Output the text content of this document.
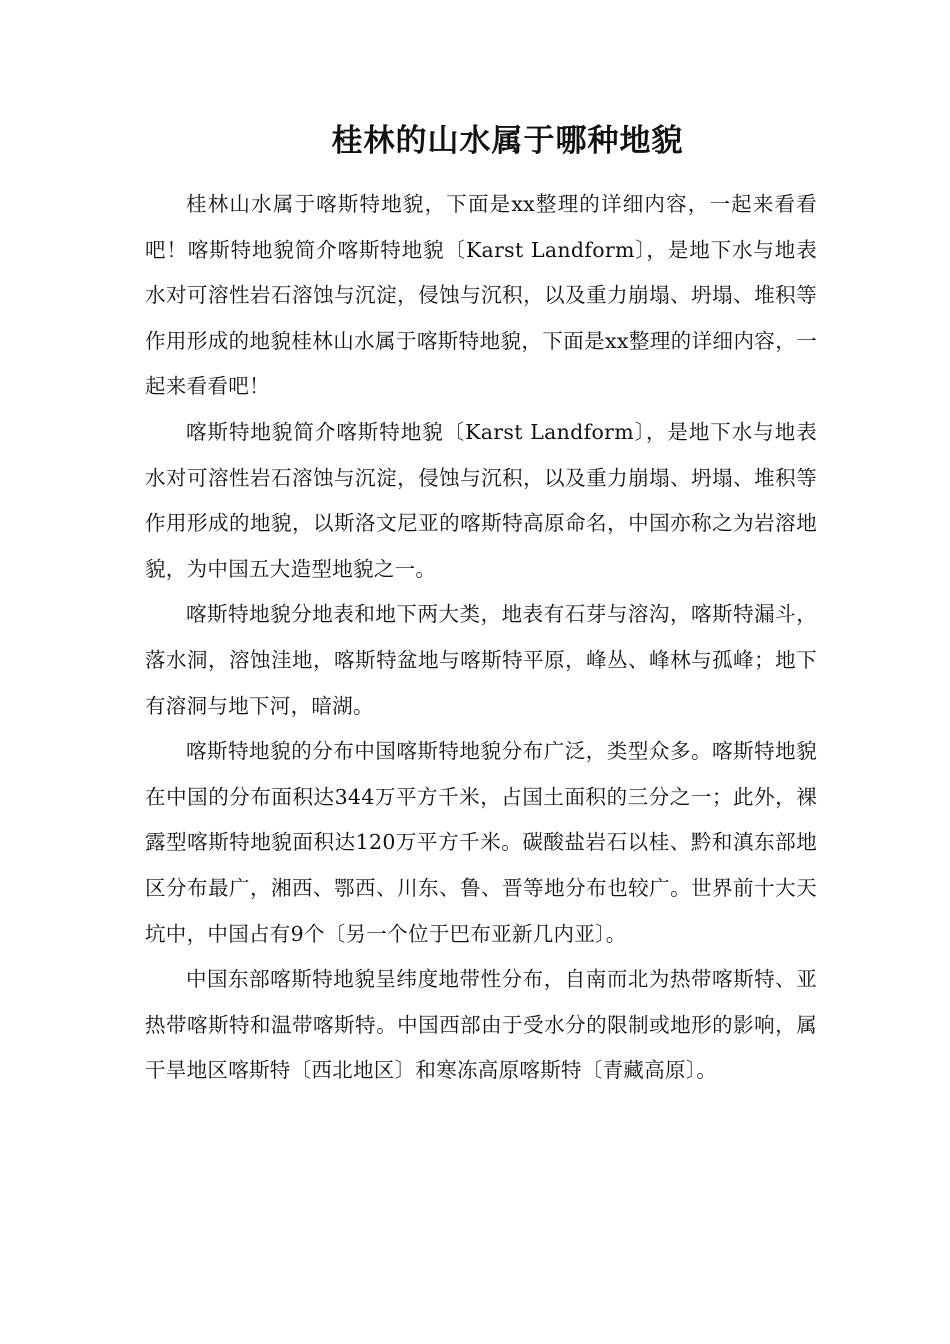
桂林的山水属于哪种地貌

桂林山水属于喀斯特地貌，下面是xx整理的详细内容，一起来看看吧！喀斯特地貌简介喀斯特地貌〔Karst Landform〕，是地下水与地表水对可溶性岩石溶蚀与沉淀，侵蚀与沉积，以及重力崩塌、坍塌、堆积等作用形成的地貌桂林山水属于喀斯特地貌，下面是xx整理的详细内容，一起来看看吧！

喀斯特地貌简介喀斯特地貌〔Karst Landform〕，是地下水与地表水对可溶性岩石溶蚀与沉淀，侵蚀与沉积，以及重力崩塌、坍塌、堆积等作用形成的地貌，以斯洛文尼亚的喀斯特高原命名，中国亦称之为岩溶地貌，为中国五大造型地貌之一。

喀斯特地貌分地表和地下两大类，地表有石芽与溶沟，喀斯特漏斗，落水洞，溶蚀洼地，喀斯特盆地与喀斯特平原，峰丛、峰林与孤峰；地下有溶洞与地下河，暗湖。

喀斯特地貌的分布中国喀斯特地貌分布广泛，类型众多。喀斯特地貌在中国的分布面积达344万平方千米，占国土面积的三分之一；此外，裸露型喀斯特地貌面积达120万平方千米。碳酸盐岩石以桂、黔和滇东部地区分布最广，湘西、鄂西、川东、鲁、晋等地分布也较广。世界前十大天坑中，中国占有9个〔另一个位于巴布亚新几内亚〕。

中国东部喀斯特地貌呈纬度地带性分布，自南而北为热带喀斯特、亚热带喀斯特和温带喀斯特。中国西部由于受水分的限制或地形的影响，属干旱地区喀斯特〔西北地区〕和寒冻高原喀斯特〔青藏高原〕。
